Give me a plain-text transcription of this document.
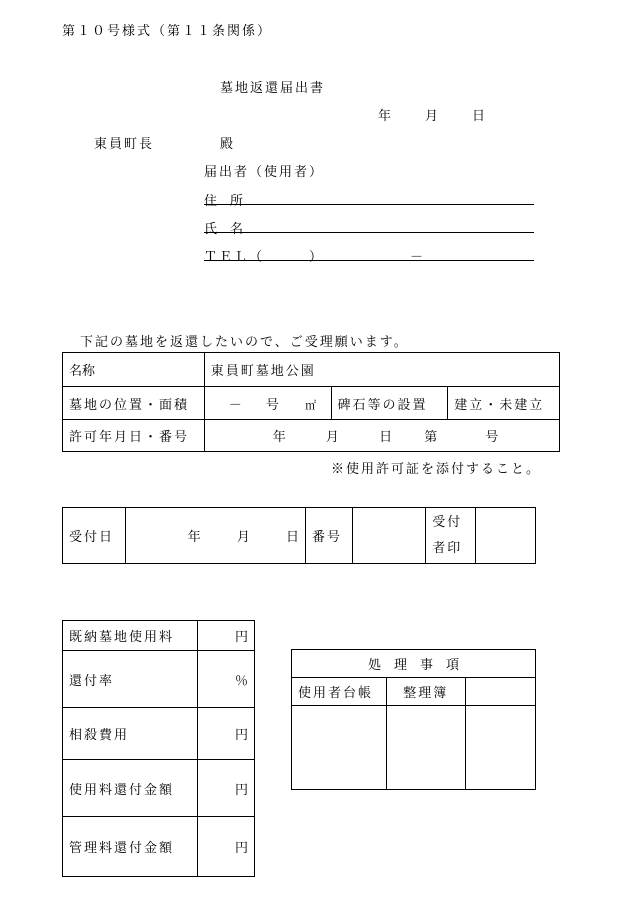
第１０号様式（第１１条関係）
墓地返還届出書
年	月	日
東員町長	殿
届出者（使用者）
住　所
氏　名
ＴＥＬ（　　　）	－
下記の墓地を返還したいので、ご受理願います。
名称	東員町墓地公園		
墓地の位置・面積	－ 号 ㎡	碑石等の設置	建立・未建立
許可年月日・番号	年 月 日 第 号		
※使用許可証を添付すること。
受付日	年	月	日	番号		受付
者印	
既納墓地使用料	円
還付率	％
相殺費用	円
使用料還付金額	円
管理料還付金額	円
処　理　事　項		
使用者台帳	整理簿	
